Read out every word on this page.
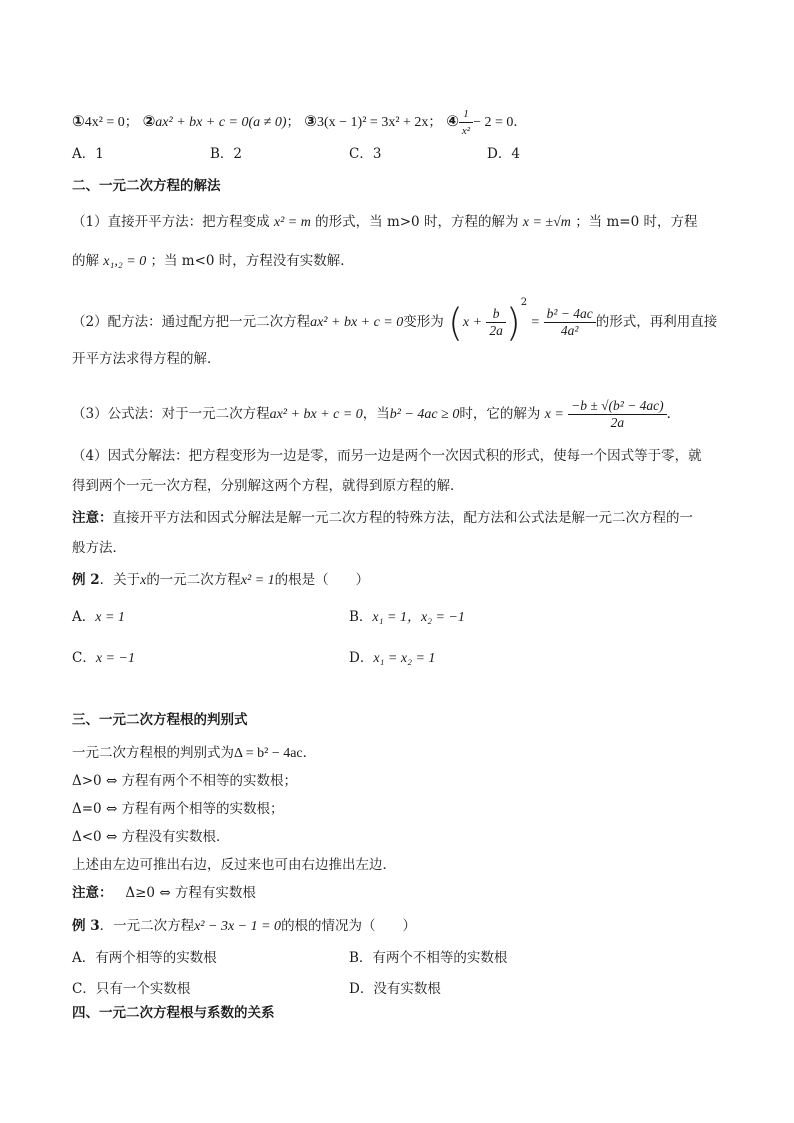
①4x² = 0； ②ax² + bx + c = 0(a ≠ 0)； ③3(x − 1)² = 3x² + 2x； ④ $\frac{1}{\text{x²}} - 2 = 0$．
A．1	B．2	C．3	D．4
二、一元二次方程的解法
（1）直接开平方法：把方程变成 x² = m 的形式，当 m>0 时，方程的解为 x = ±√m ；当 m=0 时，方程
的解 x₁,₂ = 0 ；当 m<0 时，方程没有实数解．
（2）配方法：通过配方把一元二次方程ax² + bx + c = 0变形为 $(x + \frac{b}{2a} )^2 = \frac{\text{b² − 4ac}}{\text{4a²}}$ 的形式，再利用直接
开平方法求得方程的解．
（3）公式法：对于一元二次方程ax² + bx + c = 0，当b² − 4ac ≥ 0时，它的解为 $x = \frac{\text{−b ± √(b² − 4ac)}}{2a}$ ．
（4）因式分解法：把方程变形为一边是零，而另一边是两个一次因式积的形式，使每一个因式等于零，就
得到两个一元一次方程，分别解这两个方程，就得到原方程的解．
注意：直接开平方法和因式分解法是解一元二次方程的特殊方法，配方法和公式法是解一元二次方程的一
般方法．
例 2．关于x的一元二次方程x² = 1的根是（　　）
A．x = 1	B．x₁ = 1，x₂ = −1
C．x = −1	D．x₁ = x₂ = 1
三、一元二次方程根的判别式
一元二次方程根的判别式为Δ = b² − 4ac．
Δ>0 ⇔ 方程有两个不相等的实数根；
Δ=0 ⇔ 方程有两个相等的实数根；
Δ<0 ⇔ 方程没有实数根．
上述由左边可推出右边，反过来也可由右边推出左边．
注意： Δ≥0 ⇔ 方程有实数根
例 3．一元二次方程x² − 3x − 1 = 0的根的情况为（　　）
A．有两个相等的实数根	B．有两个不相等的实数根
C．只有一个实数根	D．没有实数根
四、一元二次方程根与系数的关系
